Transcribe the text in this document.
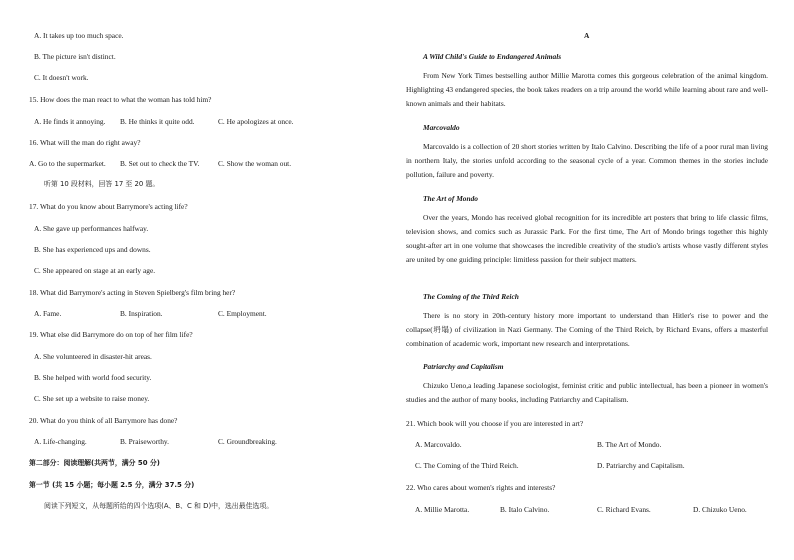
A. It takes up too much space.
B. The picture isn't distinct.
C. It doesn't work.
15. How does the man react to what the woman has told him?
A. He finds it annoying. B. He thinks it quite odd.	C. He apologizes at once.
16. What will the man do right away?
A. Go to the supermarket. B. Set out to check the TV.	C. Show the woman out.
听第 10 段材料，回答 17 至 20 题。
17. What do you know about Barrymore's acting life?
A. She gave up performances halfway.
B. She has experienced ups and downs.
C. She appeared on stage at an early age.
18. What did Barrymore's acting in Steven Spielberg's film bring her?
A. Fame.	B. Inspiration.	C. Employment.
19. What else did Barrymore do on top of her film life?
A. She volunteered in disaster-hit areas.
B. She helped with world food security.
C. She set up a website to raise money.
20. What do you think of all Barrymore has done?
A. Life-changing.	B. Praiseworthy.	C. Groundbreaking.
第二部分：阅读理解(共两节，满分 50 分)
第一节 (共 15 小题；每小题 2.5 分，满分 37.5 分)
阅读下列短文，从每题所给的四个选项(A、B、C 和 D)中，选出最佳选项。
A
A Wild Child's Guide to Endangered Animals

From New York Times bestselling author Millie Marotta comes this gorgeous celebration of the animal kingdom. Highlighting 43 endangered species, the book takes readers on a trip around the world while learning about rare and well-known animals and their habitats.

Marcovaldo

Marcovaldo is a collection of 20 short stories written by Italo Calvino. Describing the life of a poor rural man living in northern Italy, the stories unfold according to the seasonal cycle of a year. Common themes in the stories include pollution, failure and poverty.

The Art of Mondo

Over the years, Mondo has received global recognition for its incredible art posters that bring to life classic films, television shows, and comics such as Jurassic Park. For the first time, The Art of Mondo brings together this highly sought-after art in one volume that showcases the incredible creativity of the studio's artists whose vastly different styles are united by one guiding principle: limitless passion for their subject matters.

The Coming of the Third Reich

There is no story in 20th-century history more important to understand than Hitler's rise to power and the collapse(坍塌) of civilization in Nazi Germany. The Coming of the Third Reich, by Richard Evans, offers a masterful combination of academic work, important new research and interpretations.

Patriarchy and Capitalism

Chizuko Ueno,a leading Japanese sociologist, feminist critic and public intellectual, has been a pioneer in women's studies and the author of many books, including Patriarchy and Capitalism.

21. Which book will you choose if you are interested in art?
A. Marcovaldo.	B. The Art of Mondo.
C. The Coming of the Third Reich.	D. Patriarchy and Capitalism.
22. Who cares about women's rights and interests?
A. Millie Marotta.	B. Italo Calvino.	C. Richard Evans.	D. Chizuko Ueno.
